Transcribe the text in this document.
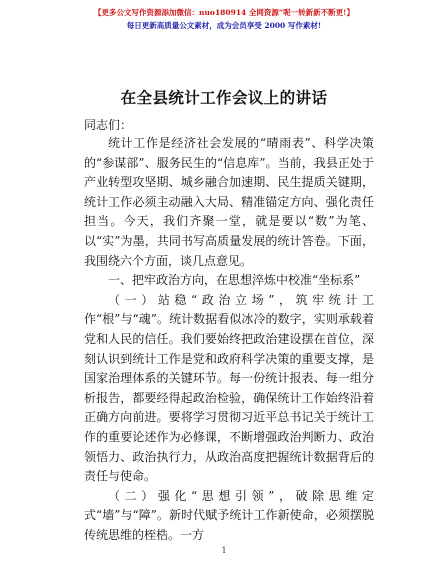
【更多公文写作资源添加微信：nuo180914 全网资源“呢一转新新不断更!】
每日更新高质量公文素材，成为会员享受 2000 写作素材!
在全县统计工作会议上的讲话
同志们：

统计工作是经济社会发展的“晴雨表”、科学决策的“参谋部”、服务民生的“信息库”。当前，我县正处于产业转型攻坚期、城乡融合加速期、民生提质关键期，统计工作必须主动融入大局、精准锚定方向、强化责任担当。今天，我们齐聚一堂，就是要以“数”为笔、以“实”为墨，共同书写高质量发展的统计答卷。下面，我围绕六个方面，谈几点意见。

一、把牢政治方向，在思想淬炼中校准“坐标系”

（一）站稳“政治立场”，筑牢统计工作“根”与“魂”。统计数据看似冰冷的数字，实则承载着党和人民的信任。我们要始终把政治建设摆在首位，深刻认识到统计工作是党和政府科学决策的重要支撑，是国家治理体系的关键环节。每一份统计报表、每一组分析报告，都要经得起政治检验，确保统计工作始终沿着正确方向前进。要将学习贯彻习近平总书记关于统计工作的重要论述作为必修课，不断增强政治判断力、政治领悟力、政治执行力，从政治高度把握统计数据背后的责任与使命。

（二）强化“思想引领”，破除思维定式“墙”与“障”。新时代赋予统计工作新使命，必须摆脱传统思维的桎梏。一方

1
